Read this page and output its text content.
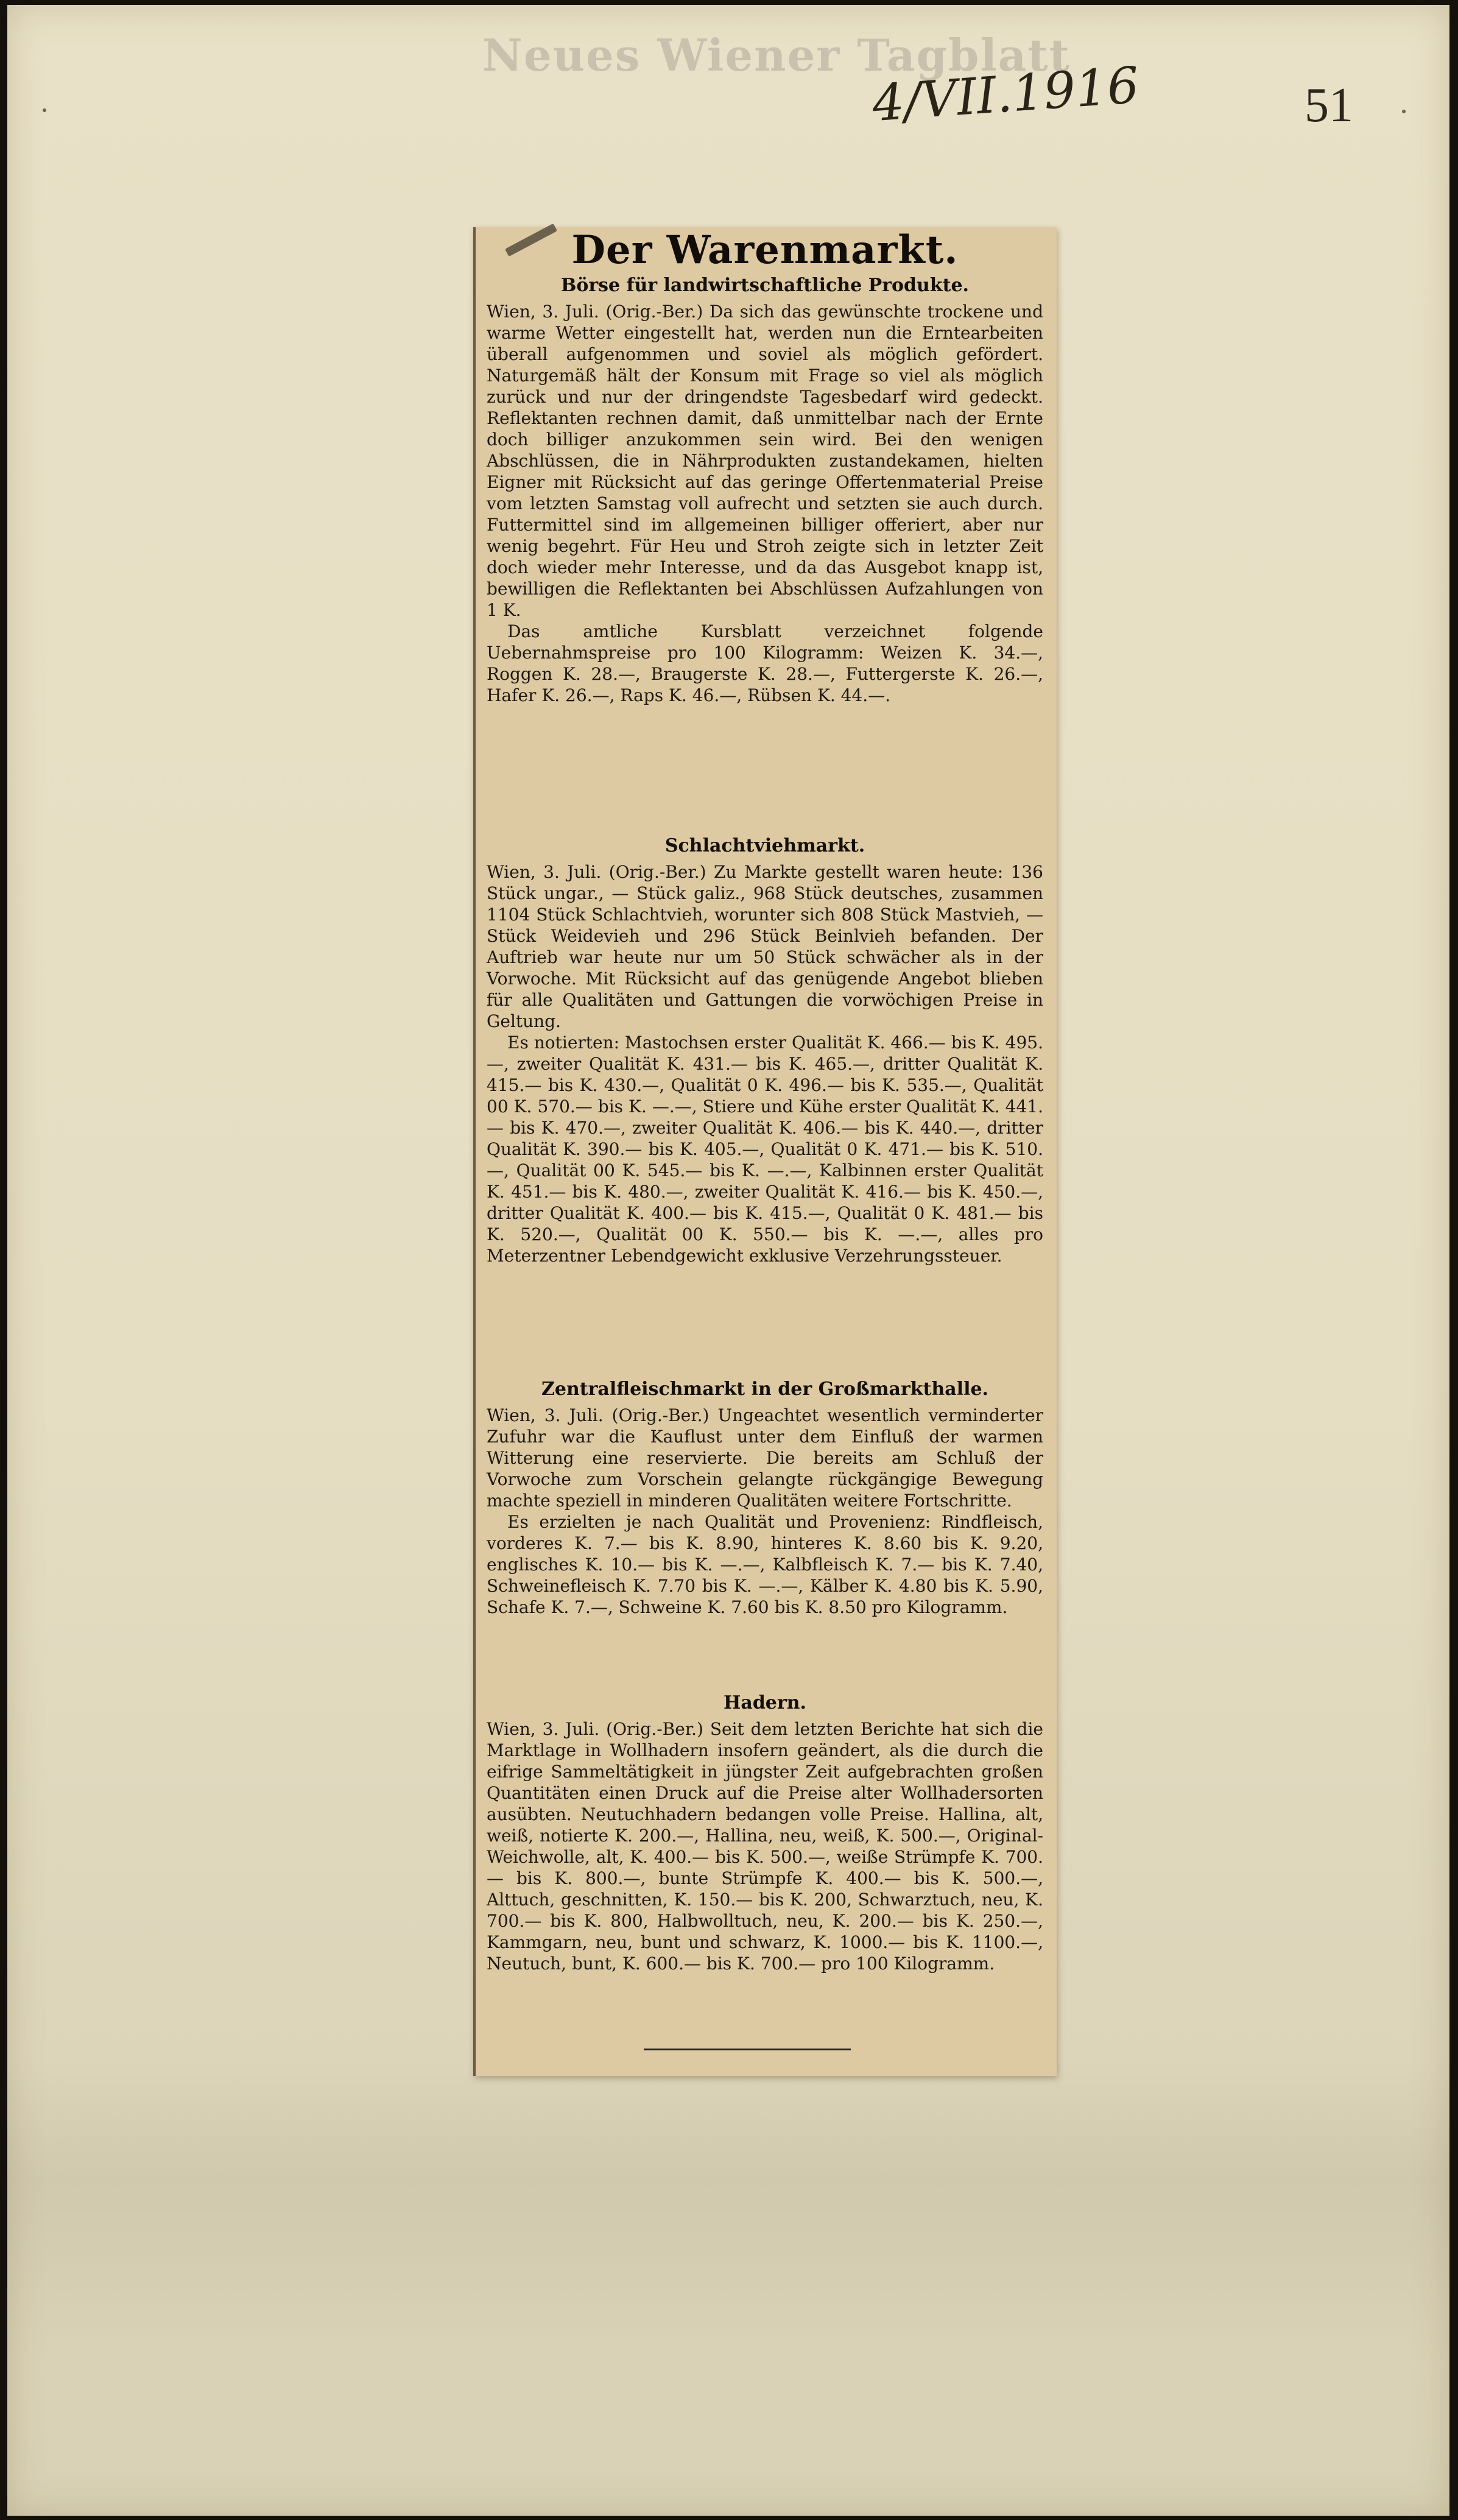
Neues Wiener Tagblatt
4/VII.1916	51
Der Warenmarkt.
Börse für landwirtschaftliche Produkte.

Wien, 3. Juli. (Orig.-Ber.) Da sich das gewünschte trockene und warme Wetter eingestellt hat, werden nun die Erntearbeiten überall aufgenommen und soviel als möglich gefördert. Naturgemäß hält der Konsum mit Frage so viel als möglich zurück und nur der dringendste Tagesbedarf wird gedeckt. Reflektanten rechnen damit, daß unmittelbar nach der Ernte doch billiger anzukommen sein wird. Bei den wenigen Abschlüssen, die in Nährprodukten zustandekamen, hielten Eigner mit Rücksicht auf das geringe Offertenmaterial Preise vom letzten Samstag voll aufrecht und setzten sie auch durch. Futtermittel sind im allgemeinen billiger offeriert, aber nur wenig begehrt. Für Heu und Stroh zeigte sich in letzter Zeit doch wieder mehr Interesse, und da das Ausgebot knapp ist, bewilligen die Reflektanten bei Abschlüssen Aufzahlungen von 1 K.

Das amtliche Kursblatt verzeichnet folgende Uebernahmspreise pro 100 Kilogramm: Weizen K. 34.—, Roggen K. 28.—, Braugerste K. 28.—, Futtergerste K. 26.—, Hafer K. 26.—, Raps K. 46.—, Rübsen K. 44.—.

Schlachtviehmarkt.

Wien, 3. Juli. (Orig.-Ber.) Zu Markte gestellt waren heute: 136 Stück ungar., — Stück galiz., 968 Stück deutsches, zusammen 1104 Stück Schlachtvieh, worunter sich 808 Stück Mastvieh, — Stück Weidevieh und 296 Stück Beinlvieh befanden. Der Auftrieb war heute nur um 50 Stück schwächer als in der Vorwoche. Mit Rücksicht auf das genügende Angebot blieben für alle Qualitäten und Gattungen die vorwöchigen Preise in Geltung.

Es notierten: Mastochsen erster Qualität K. 466.— bis K. 495.—, zweiter Qualität K. 431.— bis K. 465.—, dritter Qualität K. 415.— bis K. 430.—, Qualität 0 K. 496.— bis K. 535.—, Qualität 00 K. 570.— bis K. —.—, Stiere und Kühe erster Qualität K. 441.— bis K. 470.—, zweiter Qualität K. 406.— bis K. 440.—, dritter Qualität K. 390.— bis K. 405.—, Qualität 0 K. 471.— bis K. 510.—, Qualität 00 K. 545.— bis K. —.—, Kalbinnen erster Qualität K. 451.— bis K. 480.—, zweiter Qualität K. 416.— bis K. 450.—, dritter Qualität K. 400.— bis K. 415.—, Qualität 0 K. 481.— bis K. 520.—, Qualität 00 K. 550.— bis K. —.—, alles pro Meterzentner Lebendgewicht exklusive Verzehrungssteuer.

Zentralfleischmarkt in der Großmarkthalle.

Wien, 3. Juli. (Orig.-Ber.) Ungeachtet wesentlich verminderter Zufuhr war die Kauflust unter dem Einfluß der warmen Witterung eine reservierte. Die bereits am Schluß der Vorwoche zum Vorschein gelangte rückgängige Bewegung machte speziell in minderen Qualitäten weitere Fortschritte.

Es erzielten je nach Qualität und Provenienz: Rindfleisch, vorderes K. 7.— bis K. 8.90, hinteres K. 8.60 bis K. 9.20, englisches K. 10.— bis K. —.—, Kalbfleisch K. 7.— bis K. 7.40, Schweinefleisch K. 7.70 bis K. —.—, Kälber K. 4.80 bis K. 5.90, Schafe K. 7.—, Schweine K. 7.60 bis K. 8.50 pro Kilogramm.

Hadern.

Wien, 3. Juli. (Orig.-Ber.) Seit dem letzten Berichte hat sich die Marktlage in Wollhadern insofern geändert, als die durch die eifrige Sammeltätigkeit in jüngster Zeit aufgebrachten großen Quantitäten einen Druck auf die Preise alter Wollhadersorten ausübten. Neutuchhadern bedangen volle Preise. Hallina, alt, weiß, notierte K. 200.—, Hallina, neu, weiß, K. 500.—, Original-Weichwolle, alt, K. 400.— bis K. 500.—, weiße Strümpfe K. 700.— bis K. 800.—, bunte Strümpfe K. 400.— bis K. 500.—, Alttuch, geschnitten, K. 150.— bis K. 200, Schwarztuch, neu, K. 700.— bis K. 800, Halbwolltuch, neu, K. 200.— bis K. 250.—, Kammgarn, neu, bunt und schwarz, K. 1000.— bis K. 1100.—, Neutuch, bunt, K. 600.— bis K. 700.— pro 100 Kilogramm.
